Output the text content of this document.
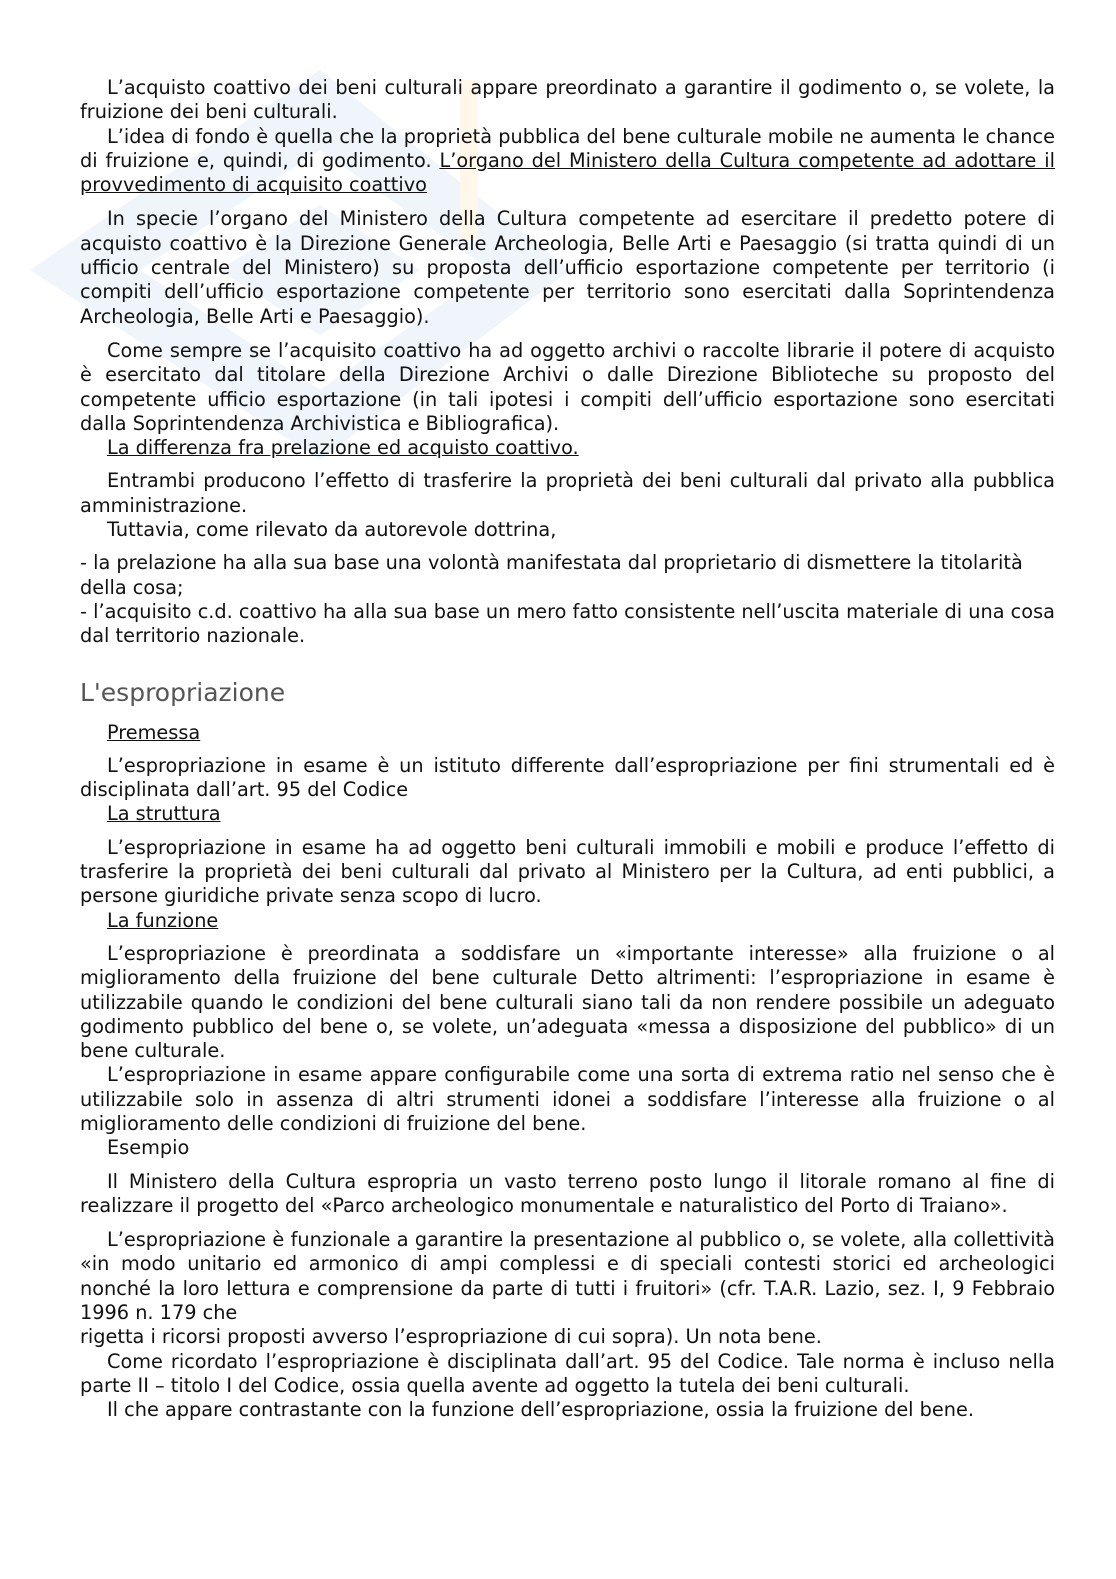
L’acquisto coattivo dei beni culturali appare preordinato a garantire il godimento o, se volete, la fruizione dei beni culturali.

L’idea di fondo è quella che la proprietà pubblica del bene culturale mobile ne aumenta le chance di fruizione e, quindi, di godimento. L’organo del Ministero della Cultura competente ad adottare il provvedimento di acquisito coattivo

In specie l’organo del Ministero della Cultura competente ad esercitare il predetto potere di acquisto coattivo è la Direzione Generale Archeologia, Belle Arti e Paesaggio (si tratta quindi di un ufficio centrale del Ministero) su proposta dell’ufficio esportazione competente per territorio (i compiti dell’ufficio esportazione competente per territorio sono esercitati dalla Soprintendenza Archeologia, Belle Arti e Paesaggio).

Come sempre se l’acquisito coattivo ha ad oggetto archivi o raccolte librarie il potere di acquisto è esercitato dal titolare della Direzione Archivi o dalle Direzione Biblioteche su proposto del competente ufficio esportazione (in tali ipotesi i compiti dell’ufficio esportazione sono esercitati dalla Soprintendenza Archivistica e Bibliografica).

La differenza fra prelazione ed acquisto coattivo.

Entrambi producono l’effetto di trasferire la proprietà dei beni culturali dal privato alla pubblica amministrazione.

Tuttavia, come rilevato da autorevole dottrina,

- la prelazione ha alla sua base una volontà manifestata dal proprietario di dismettere la titolarità della cosa;

- l’acquisito c.d. coattivo ha alla sua base un mero fatto consistente nell’uscita materiale di una cosa dal territorio nazionale.

L'espropriazione

Premessa

L’espropriazione in esame è un istituto differente dall’espropriazione per fini strumentali ed è disciplinata dall’art. 95 del Codice

La struttura

L’espropriazione in esame ha ad oggetto beni culturali immobili e mobili e produce l’effetto di trasferire la proprietà dei beni culturali dal privato al Ministero per la Cultura, ad enti pubblici, a persone giuridiche private senza scopo di lucro.

La funzione

L’espropriazione è preordinata a soddisfare un «importante interesse» alla fruizione o al miglioramento della fruizione del bene culturale Detto altrimenti: l’espropriazione in esame è utilizzabile quando le condizioni del bene culturali siano tali da non rendere possibile un adeguato godimento pubblico del bene o, se volete, un’adeguata «messa a disposizione del pubblico» di un bene culturale.

L’espropriazione in esame appare configurabile come una sorta di extrema ratio nel senso che è utilizzabile solo in assenza di altri strumenti idonei a soddisfare l’interesse alla fruizione o al miglioramento delle condizioni di fruizione del bene.

Esempio

Il Ministero della Cultura espropria un vasto terreno posto lungo il litorale romano al fine di realizzare il progetto del «Parco archeologico monumentale e naturalistico del Porto di Traiano».

L’espropriazione è funzionale a garantire la presentazione al pubblico o, se volete, alla collettività «in modo unitario ed armonico di ampi complessi e di speciali contesti storici ed archeologici nonché la loro lettura e comprensione da parte di tutti i fruitori» (cfr. T.A.R. Lazio, sez. I, 9 Febbraio 1996 n. 179 che

rigetta i ricorsi proposti avverso l’espropriazione di cui sopra). Un nota bene.

Come ricordato l’espropriazione è disciplinata dall’art. 95 del Codice. Tale norma è incluso nella parte II – titolo I del Codice, ossia quella avente ad oggetto la tutela dei beni culturali.

Il che appare contrastante con la funzione dell’espropriazione, ossia la fruizione del bene.
